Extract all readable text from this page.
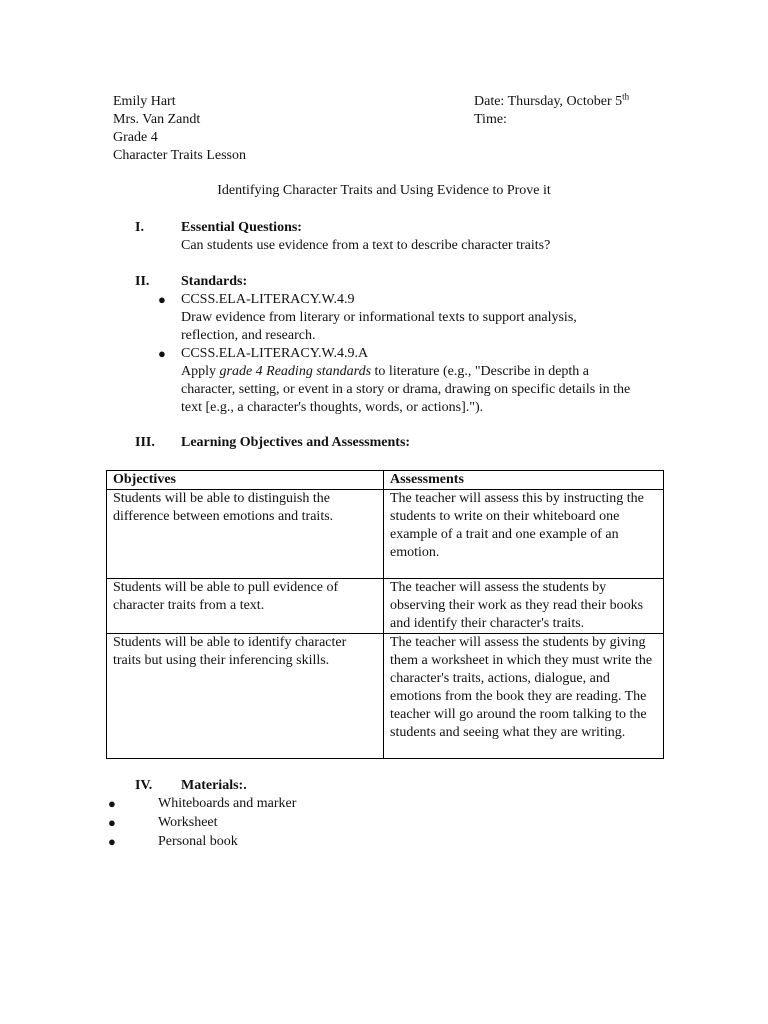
Emily Hart
Mrs. Van Zandt
Grade 4
Character Traits Lesson
Date: Thursday, October 5th
Time:
Identifying Character Traits and Using Evidence to Prove it
I.	Essential Questions:
Can students use evidence from a text to describe character traits?
II. Standards:
● CCSS.ELA-LITERACY.W.4.9
Draw evidence from literary or informational texts to support analysis, reflection, and research.
● CCSS.ELA-LITERACY.W.4.9.A
Apply grade 4 Reading standards to literature (e.g., "Describe in depth a character, setting, or event in a story or drama, drawing on specific details in the text [e.g., a character's thoughts, words, or actions].").
III. Learning Objectives and Assessments:
Objectives	Assessments
Students will be able to distinguish the difference between emotions and traits.	The teacher will assess this by instructing the students to write on their whiteboard one example of a trait and one example of an emotion.
Students will be able to pull evidence of character traits from a text.	The teacher will assess the students by observing their work as they read their books and identify their character's traits.
Students will be able to identify character traits but using their inferencing skills.	The teacher will assess the students by giving them a worksheet in which they must write the character's traits, actions, dialogue, and emotions from the book they are reading. The teacher will go around the room talking to the students and seeing what they are writing.
IV. Materials:.
●	Whiteboards and marker
●	Worksheet
●	Personal book
